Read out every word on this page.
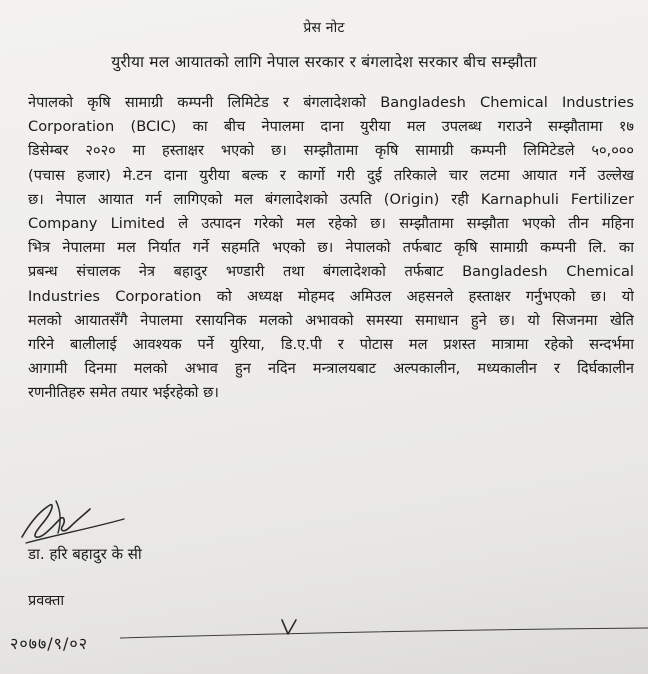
प्रेस नोट
युरीया मल आयातको लागि नेपाल सरकार र बंगलादेश सरकार बीच सम्झौता
नेपालको कृषि सामाग्री कम्पनी लिमिटेड र बंगलादेशको Bangladesh Chemical Industries
Corporation (BCIC) का बीच नेपालमा दाना युरीया मल उपलब्ध गराउने सम्झौतामा १७
डिसेम्बर २०२० मा हस्ताक्षर भएको छ। सम्झौतामा कृषि सामाग्री कम्पनी लिमिटेडले ५०,०००
(पचास हजार) मे.टन दाना युरीया बल्क र कार्गो गरी दुई तरिकाले चार लटमा आयात गर्ने उल्लेख
छ। नेपाल आयात गर्न लागिएको मल बंगलादेशको उत्पति (Origin) रही Karnaphuli Fertilizer
Company Limited ले उत्पादन गरेको मल रहेको छ। सम्झौतामा सम्झौता भएको तीन महिना
भित्र नेपालमा मल निर्यात गर्ने सहमति भएको छ। नेपालको तर्फबाट कृषि सामाग्री कम्पनी लि. का
प्रबन्ध संचालक नेत्र बहादुर भण्डारी तथा बंगलादेशको तर्फबाट Bangladesh Chemical
Industries Corporation को अध्यक्ष मोहमद अमिउल अहसनले हस्ताक्षर गर्नुभएको छ। यो
मलको आयातसँगै नेपालमा रसायनिक मलको अभावको समस्या समाधान हुने छ। यो सिजनमा खेति
गरिने बालीलाई आवश्यक पर्ने युरिया, डि.ए.पी र पोटास मल प्रशस्त मात्रामा रहेको सन्दर्भमा
आगामी दिनमा मलको अभाव हुन नदिन मन्त्रालयबाट अल्पकालीन, मध्यकालीन र दिर्घकालीन
रणनीतिहरु समेत तयार भईरहेको छ।
डा. हरि बहादुर के सी
प्रवक्ता
२०७७/९/०२
